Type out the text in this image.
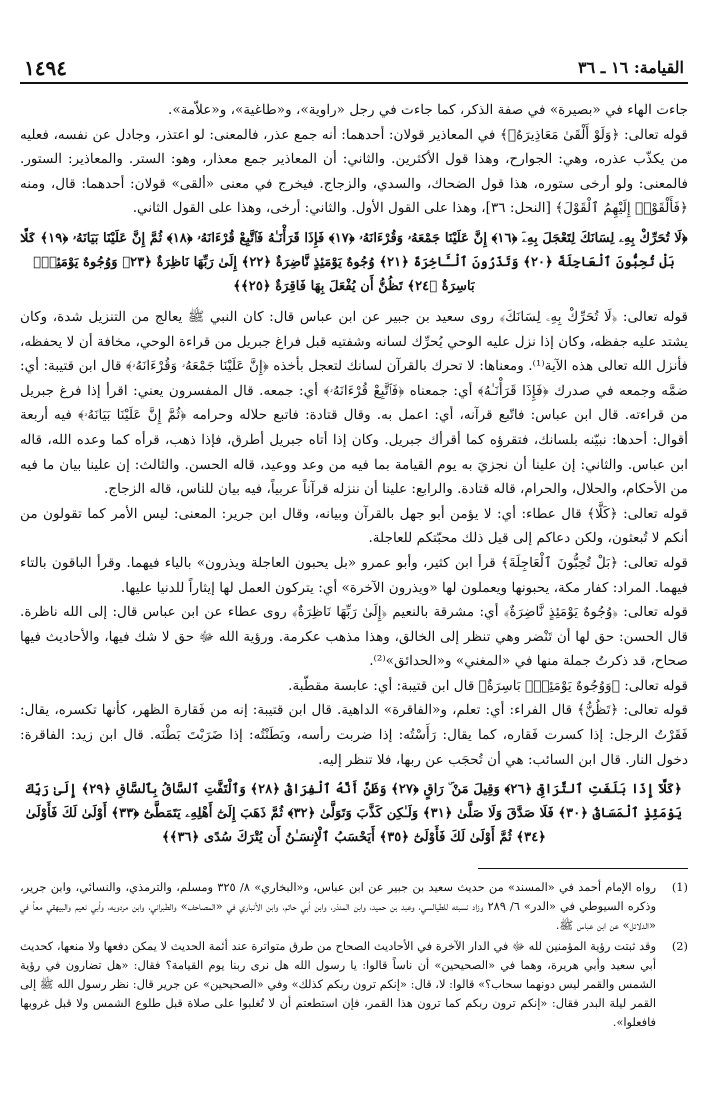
١٤٩٤	القيامة: ١٦ ـ ٣٦

جاءت الهاء في «بصيرة» في صفة الذكر، كما جاءت في رجل «راوية»، و«طاغية»، و«علاّمة».

قوله تعالى: ﴿وَلَوْ أَلْقَىٰ مَعَاذِيرَهُۥ﴾ في المعاذير قولان: أحدهما: أنه جمع عذر، فالمعنى: لو اعتذر، وجادل عن نفسه، فعليه من يكذّب عذره، وهي: الجوارح، وهذا قول الأكثرين. والثاني: أن المعاذير جمع معذار، وهو: الستر. والمعاذير: الستور. فالمعنى: ولو أرخى ستوره، هذا قول الضحاك، والسدي، والزجاج. فيخرج في معنى «ألقى» قولان: أحدهما: قال، ومنه ﴿فَأَلْقَوْا۟ إِلَيْهِمُ ٱلْقَوْلَ﴾ [النحل: ٣٦]، وهذا على القول الأول. والثاني: أرخى، وهذا على القول الثاني.

﴿لَا تُحَرِّكْ بِهِۦ لِسَانَكَ لِتَعْجَلَ بِهِۦٓ ﴿١٦﴾ إِنَّ عَلَيْنَا جَمْعَهُۥ وَقُرْءَانَهُۥ ﴿١٧﴾ فَإِذَا قَرَأْنَـٰهُ فَٱتَّبِعْ قُرْءَانَهُۥ ﴿١٨﴾ ثُمَّ إِنَّ عَلَيْنَا بَيَانَهُۥ ﴿١٩﴾ كَلَّا بَلْ تُحِبُّونَ ٱلْعَاجِلَةَ ﴿٢٠﴾ وَتَذَرُونَ ٱلْـَٔاخِرَةَ ﴿٢١﴾ وُجُوهٌ يَوْمَئِذٍ نَّاضِرَةٌ ﴿٢٢﴾ إِلَىٰ رَبِّهَا نَاظِرَةٌ ﴿٢٣﴾ وَوُجُوهٌ يَوْمَئِذٍۭ بَاسِرَةٌ ﴿٢٤﴾ تَظُنُّ أَن يُفْعَلَ بِهَا فَاقِرَةٌ ﴿٢٥﴾﴾

قوله تعالى: ﴿لَا تُحَرِّكْ بِهِۦ لِسَانَكَ﴾ روى سعيد بن جبير عن ابن عباس قال: كان النبي ﷺ يعالج من التنزيل شدة، وكان يشتد عليه جفظه، وكان إذا نزل عليه الوحي يُحرِّك لسانه وشفتيه قبل فراغ جبريل من قراءة الوحي، مخافة أن لا يحفظه، فأنزل الله تعالى هذه الآية⁽¹⁾. ومعناها: لا تحرك بالقرآن لسانك لتعجل بأخذه ﴿إِنَّ عَلَيْنَا جَمْعَهُۥ وَقُرْءَانَهُۥ﴾ قال ابن قتيبة: أي: ضمَّه وجمعه في صدرك ﴿فَإِذَا قَرَأْنَـٰهُ﴾ أي: جمعناه ﴿فَٱتَّبِعْ قُرْءَانَهُۥ﴾ أي: جمعه. قال المفسرون يعني: اقرأ إذا فرغ جبريل من قراءته. قال ابن عباس: فاتّبع قرآنه، أي: اعمل به. وقال قتادة: فاتبع حلاله وحرامه ﴿ثُمَّ إِنَّ عَلَيْنَا بَيَانَهُۥ﴾ فيه أربعة أقوال: أحدها: نبيّنه بلسانك، فتقرؤه كما أقرأك جبريل. وكان إذا أتاه جبريل أطرق، فإذا ذهب، قرأه كما وعده الله، قاله ابن عباس. والثاني: إن علينا أن نجزيَ به يوم القيامة بما فيه من وعد ووعيد، قاله الحسن. والثالث: إن علينا بيان ما فيه من الأحكام، والحلال، والحرام، قاله قتادة. والرابع: علينا أن ننزله قرآناً عربياً، فيه بيان للناس، قاله الزجاج.

قوله تعالى: ﴿كَلَّا﴾ قال عطاء: أي: لا يؤمن أبو جهل بالقرآن وبيانه، وقال ابن جرير: المعنى: ليس الأمر كما تقولون من أنكم لا تُبعثون، ولكن دعاكم إلى قيل ذلك محبّتكم للعاجلة.

قوله تعالى: ﴿بَلْ تُحِبُّونَ ٱلْعَاجِلَةَ﴾ قرأ ابن كثير، وأبو عمرو «بل يحبون العاجلة ويذرون» بالياء فيهما. وقرأ الباقون بالتاء فيهما. المراد: كفار مكة، يحبونها ويعملون لها «ويذرون الآخرة» أي: يتركون العمل لها إيثاراً للدنيا عليها.

قوله تعالى: ﴿وُجُوهٌ يَوْمَئِذٍ نَّاضِرَةٌ﴾ أي: مشرقة بالنعيم ﴿إِلَىٰ رَبِّهَا نَاظِرَةٌ﴾ روى عطاء عن ابن عباس قال: إلى الله ناظرة. قال الحسن: حق لها أن تَنْضر وهي تنظر إلى الخالق، وهذا مذهب عكرمة. ورؤية الله ﷻ حق لا شك فيها، والأحاديث فيها صحاح، قد ذكرتُ جملة منها في «المغني» و«الحدائق»⁽²⁾.

قوله تعالى: ﴿وَوُجُوهٌ يَوْمَئِذٍۭ بَاسِرَةٌ﴾ قال ابن قتيبة: أي: عابسة مقطّبة.

قوله تعالى: ﴿تَظُنُّ﴾ قال الفراء: أي: تعلم، و«الفاقرة» الداهية. قال ابن قتيبة: إنه من فَقارة الظهر، كأنها تكسره، يقال: فَقَرْتُ الرجل: إذا كسرت فَقاره، كما يقال: رَأَسْتُه: إذا ضربت رأسه، وبَطَنْتُه: إذا ضَرَبْتَ بَطْنَه. قال ابن زيد: الفاقرة: دخول النار. قال ابن السائب: هي أن تُحجَب عن ربها، فلا تنظر إليه.

﴿كَلَّآ إِذَا بَلَغَتِ ٱلتَّرَاقِىَ ﴿٢٦﴾ وَقِيلَ مَنْ ۜ رَاقٍ ﴿٢٧﴾ وَظَنَّ أَنَّهُ ٱلْفِرَاقُ ﴿٢٨﴾ وَٱلْتَفَّتِ ٱلسَّاقُ بِٱلسَّاقِ ﴿٢٩﴾ إِلَىٰ رَبِّكَ يَوْمَئِذٍ ٱلْمَسَاقُ ﴿٣٠﴾ فَلَا صَدَّقَ وَلَا صَلَّىٰ ﴿٣١﴾ وَلَـٰكِن كَذَّبَ وَتَوَلَّىٰ ﴿٣٢﴾ ثُمَّ ذَهَبَ إِلَىٰٓ أَهْلِهِۦ يَتَمَطَّىٰٓ ﴿٣٣﴾ أَوْلَىٰ لَكَ فَأَوْلَىٰ ﴿٣٤﴾ ثُمَّ أَوْلَىٰ لَكَ فَأَوْلَىٰٓ ﴿٣٥﴾ أَيَحْسَبُ ٱلْإِنسَـٰنُ أَن يُتْرَكَ سُدًى ﴿٣٦﴾﴾

(1)
رواه الإمام أحمد في «المسند» من حديث سعيد بن جبير عن ابن عباس، و«البخاري» ٨/ ٣٢٥ ومسلم، والترمذي، والنسائي، وابن جرير، وذكره السيوطي في «الدر» ٦/ ٢٨٩ وزاد نسبته للطيالسي، وعبد بن حميد، وابن المنذر، وابن أبي حاتم، وابن الأنباري في «المصاحف» والطبراني، وابن مردويه، وأبي نعيم والبيهقي معاً في «الدلائل» عن ابن عباس ﷺ.
(2)
وقد ثبتت رؤية المؤمنين لله ﷻ في الدار الآخرة في الأحاديث الصحاح من طرق متواترة عند أئمة الحديث لا يمكن دفعها ولا منعها، كحديث أبي سعيد وأبي هريرة، وهما في «الصحيحين» أن ناساً قالوا: يا رسول الله هل نرى ربنا يوم القيامة؟ فقال: «هل تضارون في رؤية الشمس والقمر ليس دونهما سحاب؟» قالوا: لا، قال: «إنكم ترون ربكم كذلك» وفي «الصحيحين» عن جرير قال: نظر رسول الله ﷺ إلى القمر ليلة البدر فقال: «إنكم ترون ربكم كما ترون هذا القمر، فإن استطعتم أن لا تُغلبوا على صلاة قبل طلوع الشمس ولا قبل غروبها فافعلوا».
